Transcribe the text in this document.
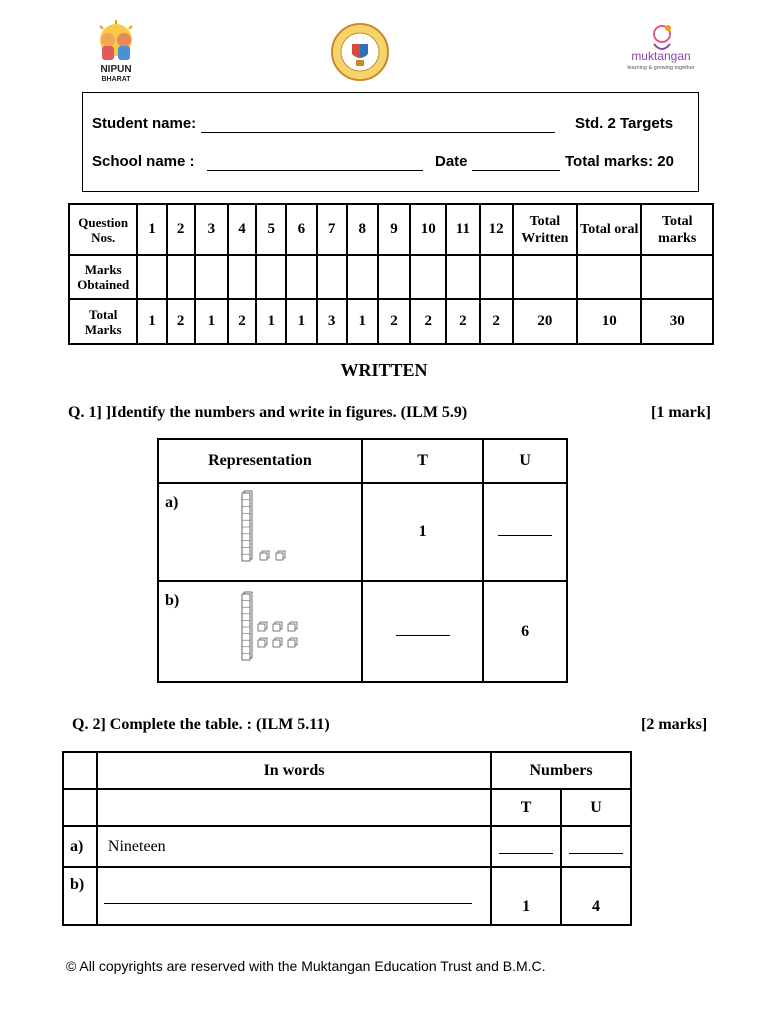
NIPUN
BHARAT
muktangan
learning & growing together
Student name:	Std. 2 Targets
School name :	Date	Total marks: 20
Question Nos.	1	2	3	4	5	6	7	8	9	10	11	12	Total Written	Total oral	Total marks
Marks Obtained															
Total Marks	1	2	1	2	1	1	3	1	2	2	2	2	20	10	30
WRITTEN
Q. 1] ]Identify the numbers and write in figures. (ILM 5.9)	[1 mark]
Representation	T	U

a)	1	

b)		6
Q. 2] Complete the table. : (ILM 5.11)	[2 marks]
	In words	Numbers	
		T	U
a)	Nineteen		
b)		1	4
© All copyrights are reserved with the Muktangan Education Trust and B.M.C.
